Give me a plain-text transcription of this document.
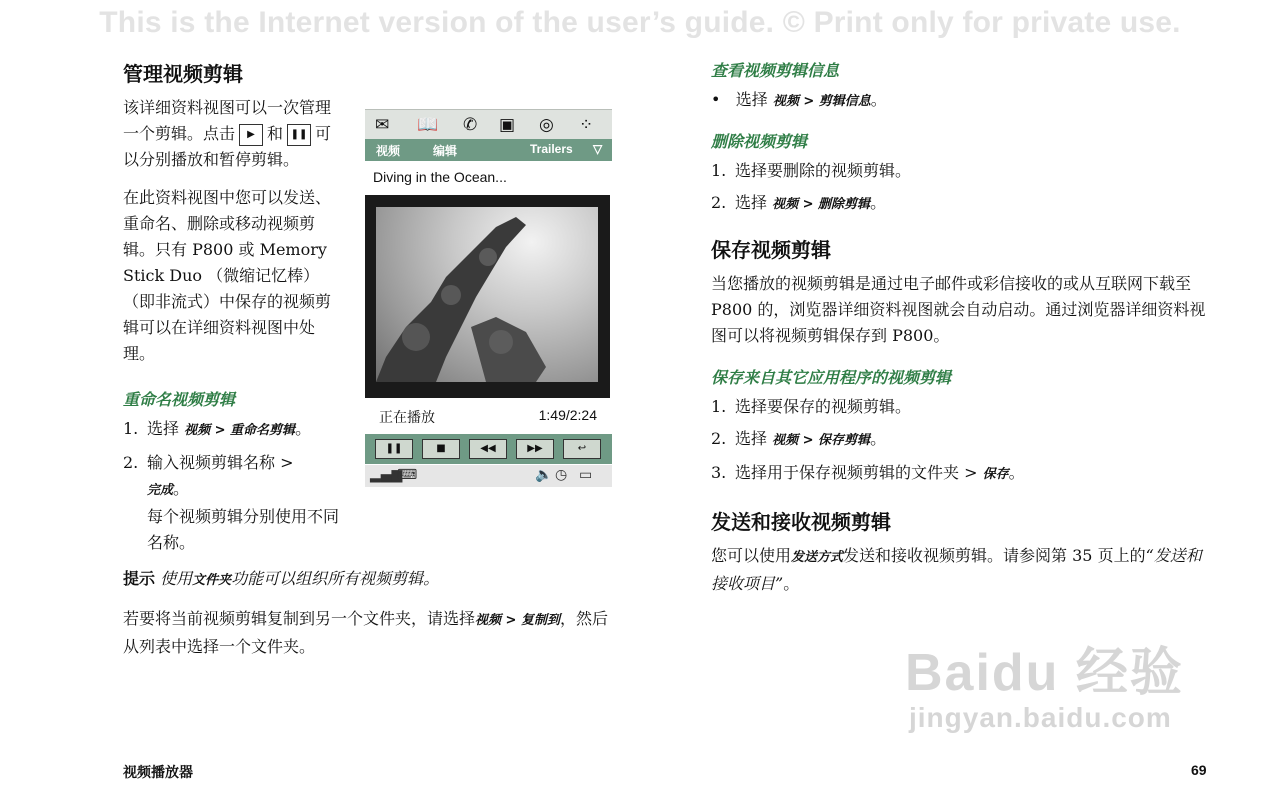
This is the Internet version of the user’s guide. © Print only for private use.
管理视频剪辑

该详细资料视图可以一次管理一个剪辑。点击 ▶ 和 ❚❚ 可以分别播放和暂停剪辑。

在此资料视图中您可以发送、重命名、删除或移动视频剪辑。只有 P800 或 Memory Stick Duo （微缩记忆棒）（即非流式）中保存的视频剪辑可以在详细资料视图中处理。

重命名视频剪辑
1. 选择 视频 > 重命名剪辑。
2. 输入视频剪辑名称 >
完成。
每个视频剪辑分别使用不同名称。

提示 使用文件夹功能可以组织所有视频剪辑。

若要将当前视频剪辑复制到另一个文件夹，请选择视频 > 复制到，然后从列表中选择一个文件夹。

✉ 📖 ✆ ▣ ◎ ⁘
视频	编辑	Trailers ▽
Diving in the Ocean...
正在播放	1:49/2:24
❚❚	■	◀◀	▶▶	↩
▂▄▆
⌨	🔈 ◷ ▭
查看视频剪辑信息

•   选择 视频 > 剪辑信息。

删除视频剪辑
1. 选择要删除的视频剪辑。
2. 选择 视频 > 删除剪辑。
保存视频剪辑

当您播放的视频剪辑是通过电子邮件或彩信接收的或从互联网下载至 P800 的，浏览器详细资料视图就会自动启动。通过浏览器详细资料视图可以将视频剪辑保存到 P800。

保存来自其它应用程序的视频剪辑
1. 选择要保存的视频剪辑。
2. 选择 视频 > 保存剪辑。
3. 选择用于保存视频剪辑的文件夹 > 保存。
发送和接收视频剪辑

您可以使用发送方式发送和接收视频剪辑。请参阅第 35 页上的“发送和接收项目”。

Baidu 经验
jingyan.baidu.com
视频播放器	69
